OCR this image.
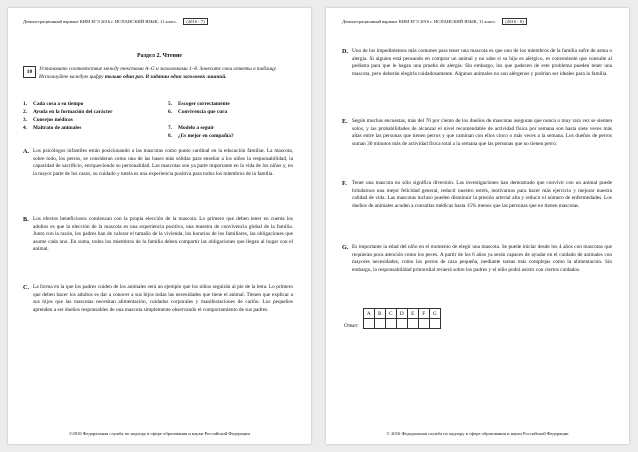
Демонстрационный вариант КИМ ЕГЭ 2016 г. ИСПАНСКИЙ ЯЗЫК, 11 класс. (2016 - 7)
Раздел 2. Чтение
10	Установите соответствие между текстами A–G и заголовками 1–8. Занесите свои ответы в таблицу. Используйте каждую цифру только один раз. В задании один заголовок лишний.
1.	Cada cosa a su tiempo
2.	Ayuda en la formación del carácter
3.	Consejos médicos
4.	Maltrato de animales
5.	Escoger correctamente
6.	Convivencia que cura
7.	Modelo a seguir
8.	¿Es mejor en compañía?
A. Los psicólogos infantiles están posicionando a las mascotas como punto cardinal en la educación familiar. La mascota, sobre todo, los perros, se consideran como una de las bases más sólidas para enseñar a los niños la responsabilidad, la capacidad de sacrificio, enriqueciendo su personalidad. Las mascotas son ya parte importante en la vida de los niños y, en la mayor parte de los casos, su cuidado y tutela es una experiencia positiva para todos los miembros de la familia.
B. Los efectos beneficiosos comienzan con la propia elección de la mascota. Lo primero que deben tener en cuenta los adultos es que la elección de la mascota es una experiencia positiva, una muestra de convivencia global de la familia. Junto con la razón, los padres han de valorar el tamaño de la vivienda, los horarios de los familiares, las obligaciones que asume cada uno. En suma, todos los miembros de la familia deben compartir las obligaciones que llegan al hogar con el animal.
C. La forma en la que los padres cuiden de los animales será un ejemplo que los niños seguirán al pie de la letra. Lo primero que deben hacer los adultos es dar a conocer a sus hijos todas las necesidades que tiene el animal. Tienen que explicar a sus hijos que las mascotas necesitan alimentación, cuidados corporales y manifestaciones de cariño. Los pequeños aprenden a ser dueños responsables de una mascota simplemente observando el comportamiento de sus padres.
©2016 Федеральная служба по надзору в сфере образования и науки Российской Федерации
Демонстрационный вариант КИМ ЕГЭ 2016 г. ИСПАНСКИЙ ЯЗЫК, 11 класс. (2016 - 8)
D. Uno de los impedimentos más comunes para tener una mascota es que uno de los miembros de la familia sufre de asma o alergia. Si alguien está pensando en comprar un animal y no sabe si su hijo es alérgico, es conveniente que consulte al pediatra para que le hagan una prueba de alergia. Sin embargo, los que padecen de este problema pueden tener una mascota, pero deberán elegirla cuidadosamente. Algunos animales no son alérgenos y podrían ser ideales para la familia.
E. Según muchas encuestas, más del 70 por ciento de los dueños de mascotas aseguran que nunca o muy rara vez se sienten solos, y las probabilidades de alcanzar el nivel recomendable de actividad física por semana son hasta siete veces más altas entre las personas que tienen perros y que caminan con ellos cinco o más veces a la semana. Los dueños de perros suman 30 minutos más de actividad física total a la semana que las personas que no tienen perro.
F. Tener una mascota no sólo significa diversión. Las investigaciones han demostrado que convivir con un animal puede brindarnos una mejor felicidad general, reducir nuestro estrés, motivarnos para hacer más ejercicio y mejorar nuestra calidad de vida. Las mascotas incluso pueden disminuir la presión arterial alta y reducir el número de enfermedades. Los dueños de animales acuden a consultas médicas hasta 15% menos que las personas que no tienen mascotas.
G. Es importante la edad del niño en el momento de elegir una mascota. Se puede iniciar desde los 4 años con mascotas que requieran poca atención como los peces. A partir de los 6 años ya serán capaces de ayudar en el cuidado de animales con mayores necesidades, como los perros de raza pequeña, mediante tareas más complejas como la alimentación. Sin embargo, la responsabilidad primordial recaerá sobre los padres y el niño podrá asistir con ciertos cuidados.
Ответ:
A	B	C	D	E	F	G

© 2016 Федеральная служба по надзору в сфере образования и науки Российской Федерации
